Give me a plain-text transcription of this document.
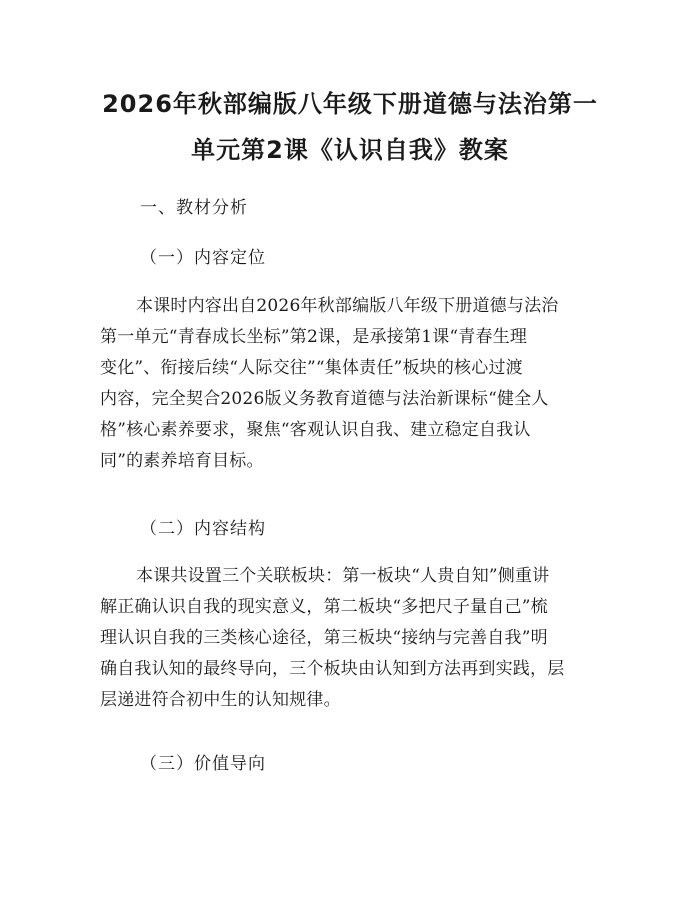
2026年秋部编版八年级下册道德与法治第一
单元第2课《认识自我》教案
一、教材分析
（一）内容定位
本课时内容出自2026年秋部编版八年级下册道德与法治
第一单元“青春成长坐标”第2课，是承接第1课“青春生理
变化”、衔接后续“人际交往”“集体责任”板块的核心过渡
内容，完全契合2026版义务教育道德与法治新课标“健全人
格”核心素养要求，聚焦“客观认识自我、建立稳定自我认
同”的素养培育目标。
（二）内容结构
本课共设置三个关联板块：第一板块“人贵自知”侧重讲
解正确认识自我的现实意义，第二板块“多把尺子量自己”梳
理认识自我的三类核心途径，第三板块“接纳与完善自我”明
确自我认知的最终导向，三个板块由认知到方法再到实践，层
层递进符合初中生的认知规律。
（三）价值导向
